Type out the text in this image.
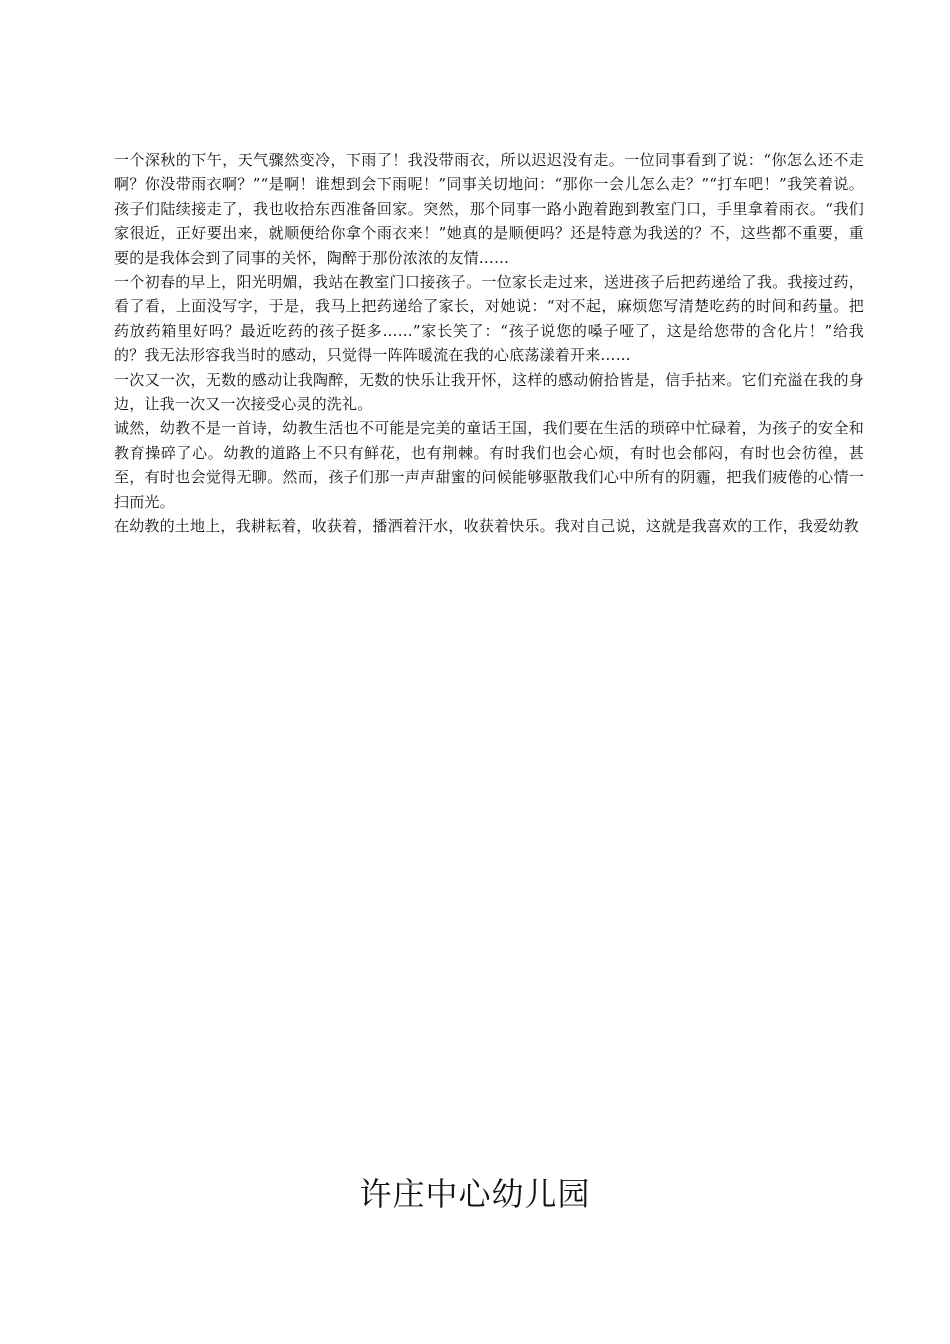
一个深秋的下午，天气骤然变冷，下雨了！我没带雨衣，所以迟迟没有走。一位同事看到了说：“你怎么还不走啊？你没带雨衣啊？”“是啊！谁想到会下雨呢！”同事关切地问：“那你一会儿怎么走？”“打车吧！”我笑着说。孩子们陆续接走了，我也收拾东西准备回家。突然，那个同事一路小跑着跑到教室门口，手里拿着雨衣。“我们家很近，正好要出来，就顺便给你拿个雨衣来！”她真的是顺便吗？还是特意为我送的？不，这些都不重要，重要的是我体会到了同事的关怀，陶醉于那份浓浓的友情……

一个初春的早上，阳光明媚，我站在教室门口接孩子。一位家长走过来，送进孩子后把药递给了我。我接过药，看了看，上面没写字，于是，我马上把药递给了家长，对她说：“对不起，麻烦您写清楚吃药的时间和药量。把药放药箱里好吗？最近吃药的孩子挺多……”家长笑了：“孩子说您的嗓子哑了，这是给您带的含化片！”给我的？我无法形容我当时的感动，只觉得一阵阵暖流在我的心底荡漾着开来……

一次又一次，无数的感动让我陶醉，无数的快乐让我开怀，这样的感动俯拾皆是，信手拈来。它们充溢在我的身边，让我一次又一次接受心灵的洗礼。

诚然，幼教不是一首诗，幼教生活也不可能是完美的童话王国，我们要在生活的琐碎中忙碌着，为孩子的安全和教育操碎了心。幼教的道路上不只有鲜花，也有荆棘。有时我们也会心烦，有时也会郁闷，有时也会彷徨，甚至，有时也会觉得无聊。然而，孩子们那一声声甜蜜的问候能够驱散我们心中所有的阴霾，把我们疲倦的心情一扫而光。

在幼教的土地上，我耕耘着，收获着，播洒着汗水，收获着快乐。我对自己说，这就是我喜欢的工作，我爱幼教

许庄中心幼儿园
